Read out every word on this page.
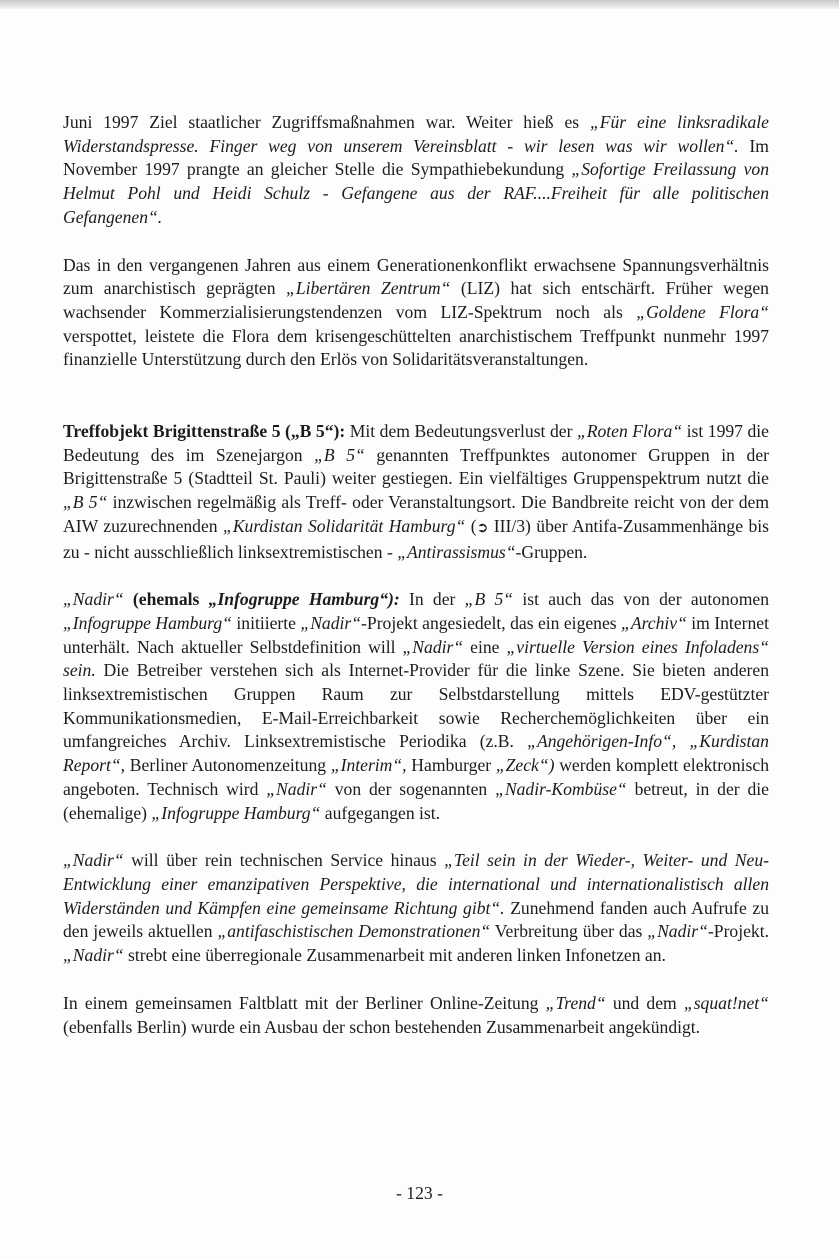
Juni 1997 Ziel staatlicher Zugriffsmaßnahmen war. Weiter hieß es „Für eine linksradikale Widerstandspresse. Finger weg von unserem Vereinsblatt - wir lesen was wir wollen“. Im November 1997 prangte an gleicher Stelle die Sympathiebekundung „Sofortige Freilassung von Helmut Pohl und Heidi Schulz - Gefangene aus der RAF....Freiheit für alle politischen Gefangenen“.

Das in den vergangenen Jahren aus einem Generationenkonflikt erwachsene Spannungsverhältnis zum anarchistisch geprägten „Libertären Zentrum“ (LIZ) hat sich entschärft. Früher wegen wachsender Kommerzialisierungstendenzen vom LIZ-Spektrum noch als „Goldene Flora“ verspottet, leistete die Flora dem krisengeschüttelten anarchistischem Treffpunkt nunmehr 1997 finanzielle Unterstützung durch den Erlös von Solidaritätsveranstaltungen.

Treffobjekt Brigittenstraße 5 („B 5“): Mit dem Bedeutungsverlust der „Roten Flora“ ist 1997 die Bedeutung des im Szenejargon „B 5“ genannten Treffpunktes autonomer Gruppen in der Brigittenstraße 5 (Stadtteil St. Pauli) weiter gestiegen. Ein vielfältiges Gruppenspektrum nutzt die „B 5“ inzwischen regelmäßig als Treff- oder Veranstaltungsort. Die Bandbreite reicht von der dem AIW zuzurechnenden „Kurdistan Solidarität Hamburg“ (➲ III/3) über Antifa-Zusammenhänge bis zu - nicht ausschließlich linksextremistischen - „Antirassismus“-Gruppen.

„Nadir“ (ehemals „Infogruppe Hamburg“): In der „B 5“ ist auch das von der autonomen „Infogruppe Hamburg“ initiierte „Nadir“-Projekt angesiedelt, das ein eigenes „Archiv“ im Internet unterhält. Nach aktueller Selbstdefinition will „Nadir“ eine „virtuelle Version eines Infoladens“ sein. Die Betreiber verstehen sich als Internet-Provider für die linke Szene. Sie bieten anderen linksextremistischen Gruppen Raum zur Selbstdarstellung mittels EDV-gestützter Kommunikationsmedien, E-Mail-Erreichbarkeit sowie Recherchemöglichkeiten über ein umfangreiches Archiv. Linksextremistische Periodika (z.B. „Angehörigen-Info“, „Kurdistan Report“, Berliner Autonomenzeitung „Interim“, Hamburger „Zeck“) werden komplett elektronisch angeboten. Technisch wird „Nadir“ von der sogenannten „Nadir-Kombüse“ betreut, in der die (ehemalige) „Infogruppe Hamburg“ aufgegangen ist.

„Nadir“ will über rein technischen Service hinaus „Teil sein in der Wieder-, Weiter- und Neu-Entwicklung einer emanzipativen Perspektive, die international und internationalistisch allen Widerständen und Kämpfen eine gemeinsame Richtung gibt“. Zunehmend fanden auch Aufrufe zu den jeweils aktuellen „antifaschistischen Demonstrationen“ Verbreitung über das „Nadir“-Projekt. „Nadir“ strebt eine überregionale Zusammenarbeit mit anderen linken Infonetzen an.

In einem gemeinsamen Faltblatt mit der Berliner Online-Zeitung „Trend“ und dem „squat!net“ (ebenfalls Berlin) wurde ein Ausbau der schon bestehenden Zusammenarbeit angekündigt.

- 123 -
